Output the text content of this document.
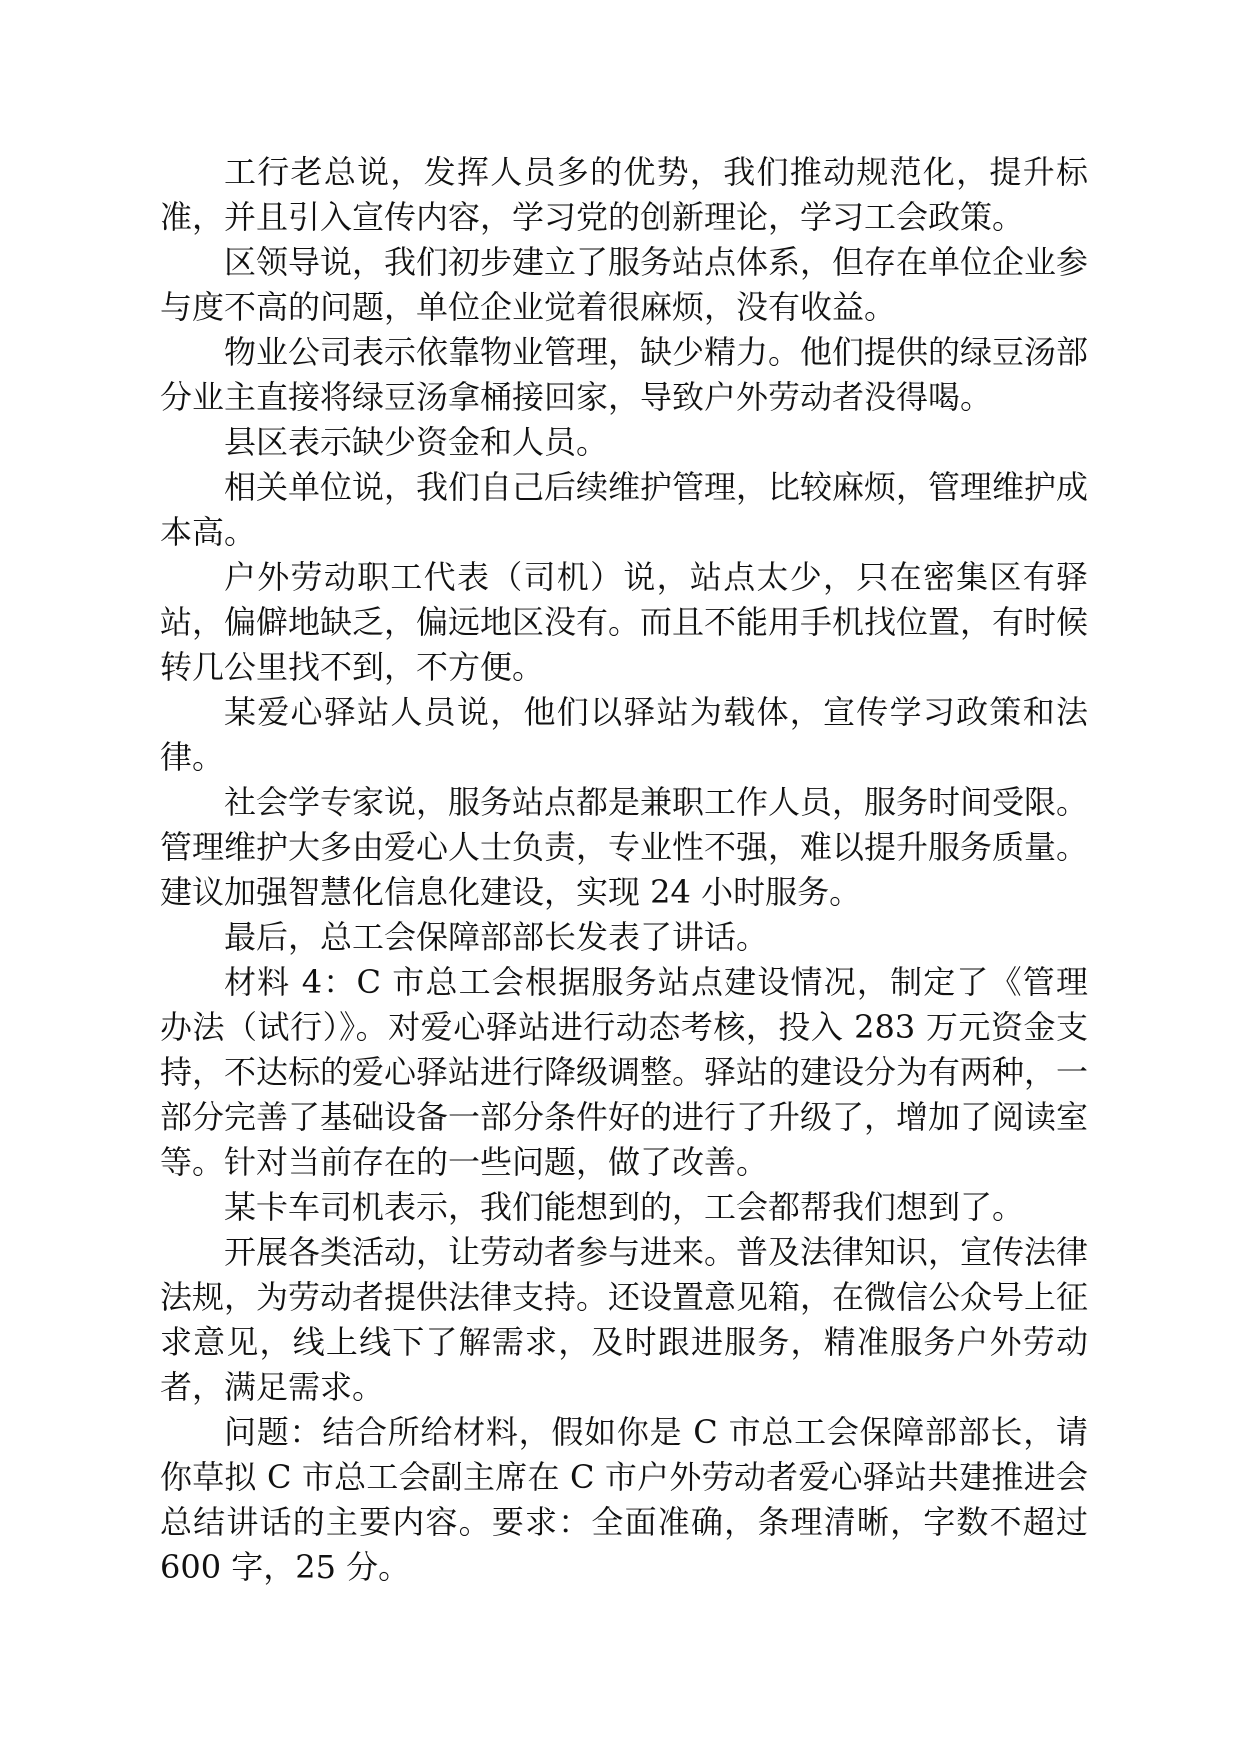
工行老总说，发挥人员多的优势，我们推动规范化，提升标准，并且引入宣传内容，学习党的创新理论，学习工会政策。

区领导说，我们初步建立了服务站点体系，但存在单位企业参与度不高的问题，单位企业觉着很麻烦，没有收益。

物业公司表示依靠物业管理，缺少精力。他们提供的绿豆汤部分业主直接将绿豆汤拿桶接回家，导致户外劳动者没得喝。

县区表示缺少资金和人员。

相关单位说，我们自己后续维护管理，比较麻烦，管理维护成本高。

户外劳动职工代表（司机）说，站点太少，只在密集区有驿站，偏僻地缺乏，偏远地区没有。而且不能用手机找位置，有时候转几公里找不到，不方便。

某爱心驿站人员说，他们以驿站为载体，宣传学习政策和法律。

社会学专家说，服务站点都是兼职工作人员，服务时间受限。管理维护大多由爱心人士负责，专业性不强，难以提升服务质量。建议加强智慧化信息化建设，实现 24 小时服务。

最后，总工会保障部部长发表了讲话。

材料 4：C 市总工会根据服务站点建设情况，制定了《管理办法（试行）》。对爱心驿站进行动态考核，投入 283 万元资金支持，不达标的爱心驿站进行降级调整。驿站的建设分为有两种，一部分完善了基础设备一部分条件好的进行了升级了，增加了阅读室等。针对当前存在的一些问题，做了改善。

某卡车司机表示，我们能想到的，工会都帮我们想到了。

开展各类活动，让劳动者参与进来。普及法律知识，宣传法律法规，为劳动者提供法律支持。还设置意见箱，在微信公众号上征求意见，线上线下了解需求，及时跟进服务，精准服务户外劳动者，满足需求。

问题：结合所给材料，假如你是 C 市总工会保障部部长，请你草拟 C 市总工会副主席在 C 市户外劳动者爱心驿站共建推进会总结讲话的主要内容。要求：全面准确，条理清晰，字数不超过 600 字，25 分。
